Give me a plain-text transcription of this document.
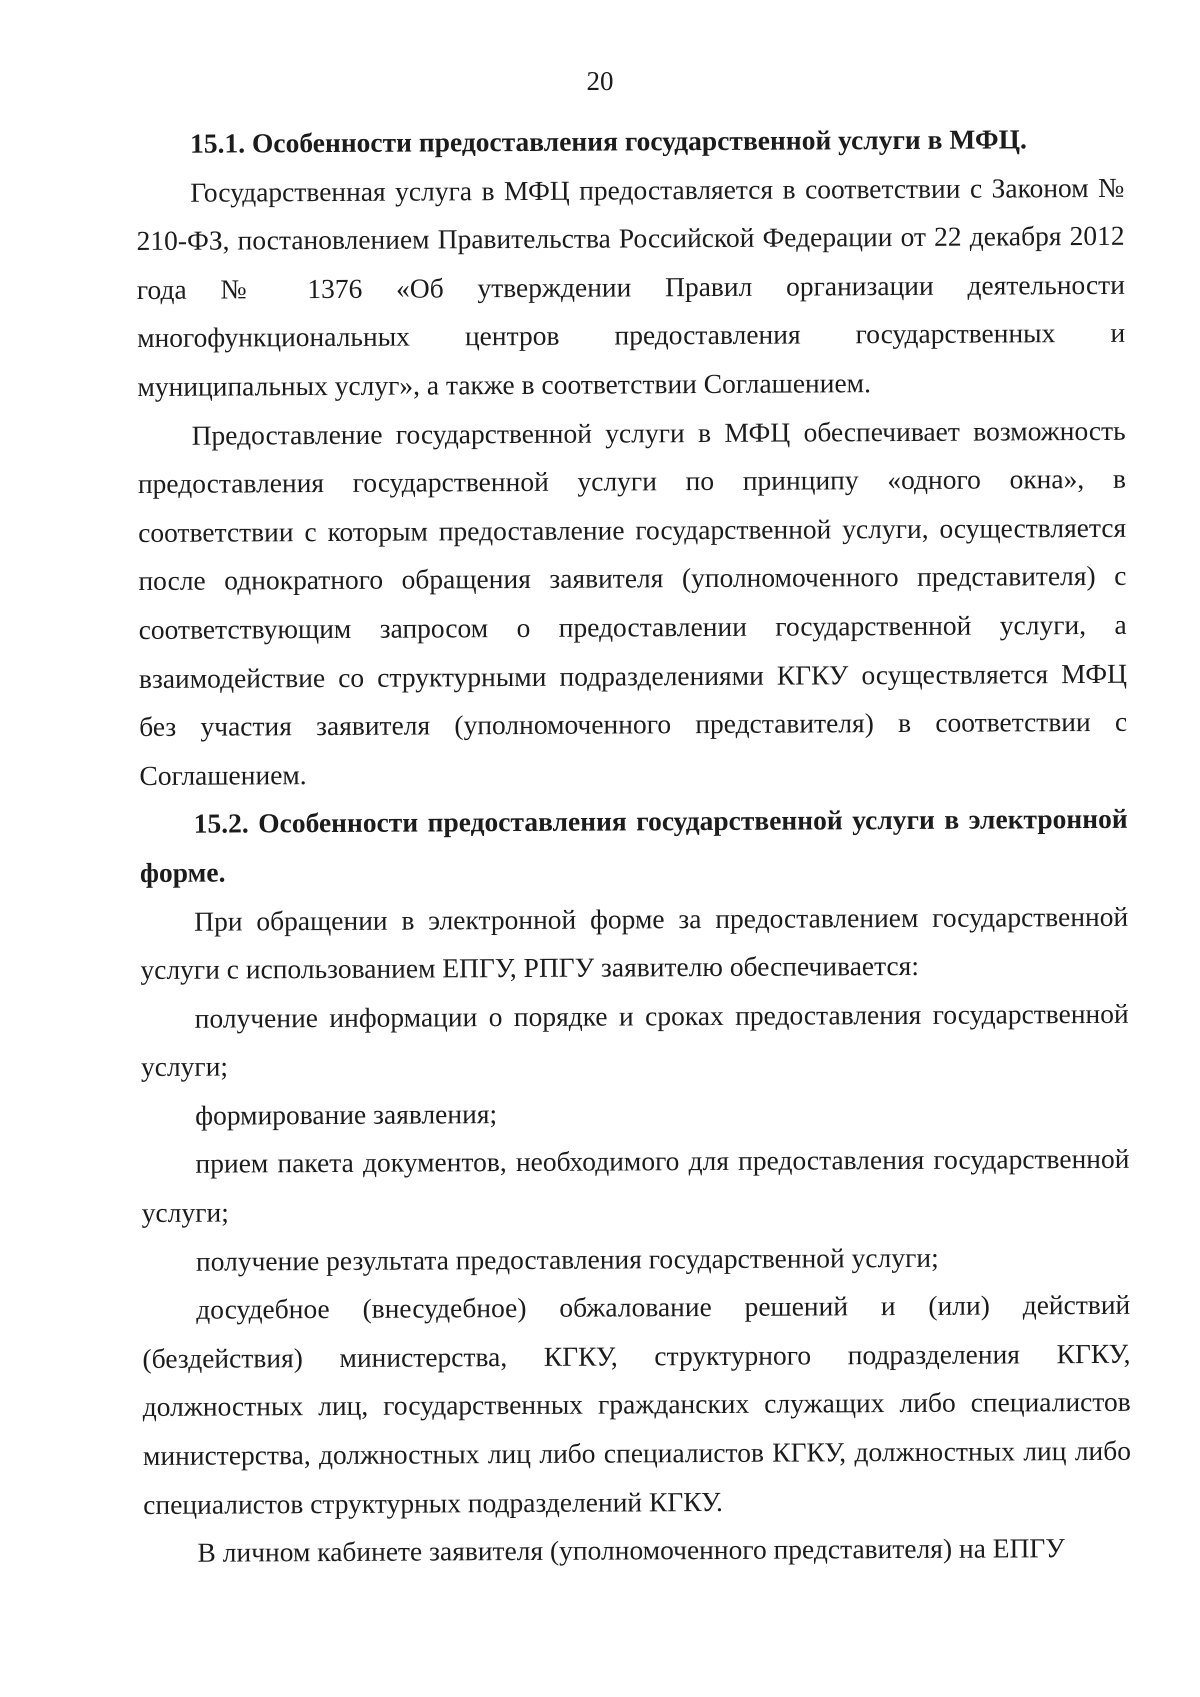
20

15.1. Особенности предоставления государственной услуги в МФЦ.

Государственная услуга в МФЦ предоставляется в соответствии с Законом № 210-ФЗ, постановлением Правительства Российской Федерации от 22 декабря 2012 года № 1376 «Об утверждении Правил организации деятельности многофункциональных центров предоставления государственных и муниципальных услуг», а также в соответствии Соглашением.

Предоставление государственной услуги в МФЦ обеспечивает возможность предоставления государственной услуги по принципу «одного окна», в соответствии с которым предоставление государственной услуги, осуществляется после однократного обращения заявителя (уполномоченного представителя) с соответствующим запросом о предоставлении государственной услуги, а взаимодействие со структурными подразделениями КГКУ осуществляется МФЦ без участия заявителя (уполномоченного представителя) в соответствии с Соглашением.

15.2. Особенности предоставления государственной услуги в электронной форме.

При обращении в электронной форме за предоставлением государственной услуги с использованием ЕПГУ, РПГУ заявителю обеспечивается:

получение информации о порядке и сроках предоставления государственной услуги;

формирование заявления;

прием пакета документов, необходимого для предоставления государственной услуги;

получение результата предоставления государственной услуги;

досудебное (внесудебное) обжалование решений и (или) действий (бездействия) министерства, КГКУ, структурного подразделения КГКУ, должностных лиц, государственных гражданских служащих либо специалистов министерства, должностных лиц либо специалистов КГКУ, должностных лиц либо специалистов структурных подразделений КГКУ.

В личном кабинете заявителя (уполномоченного представителя) на ЕПГУ
